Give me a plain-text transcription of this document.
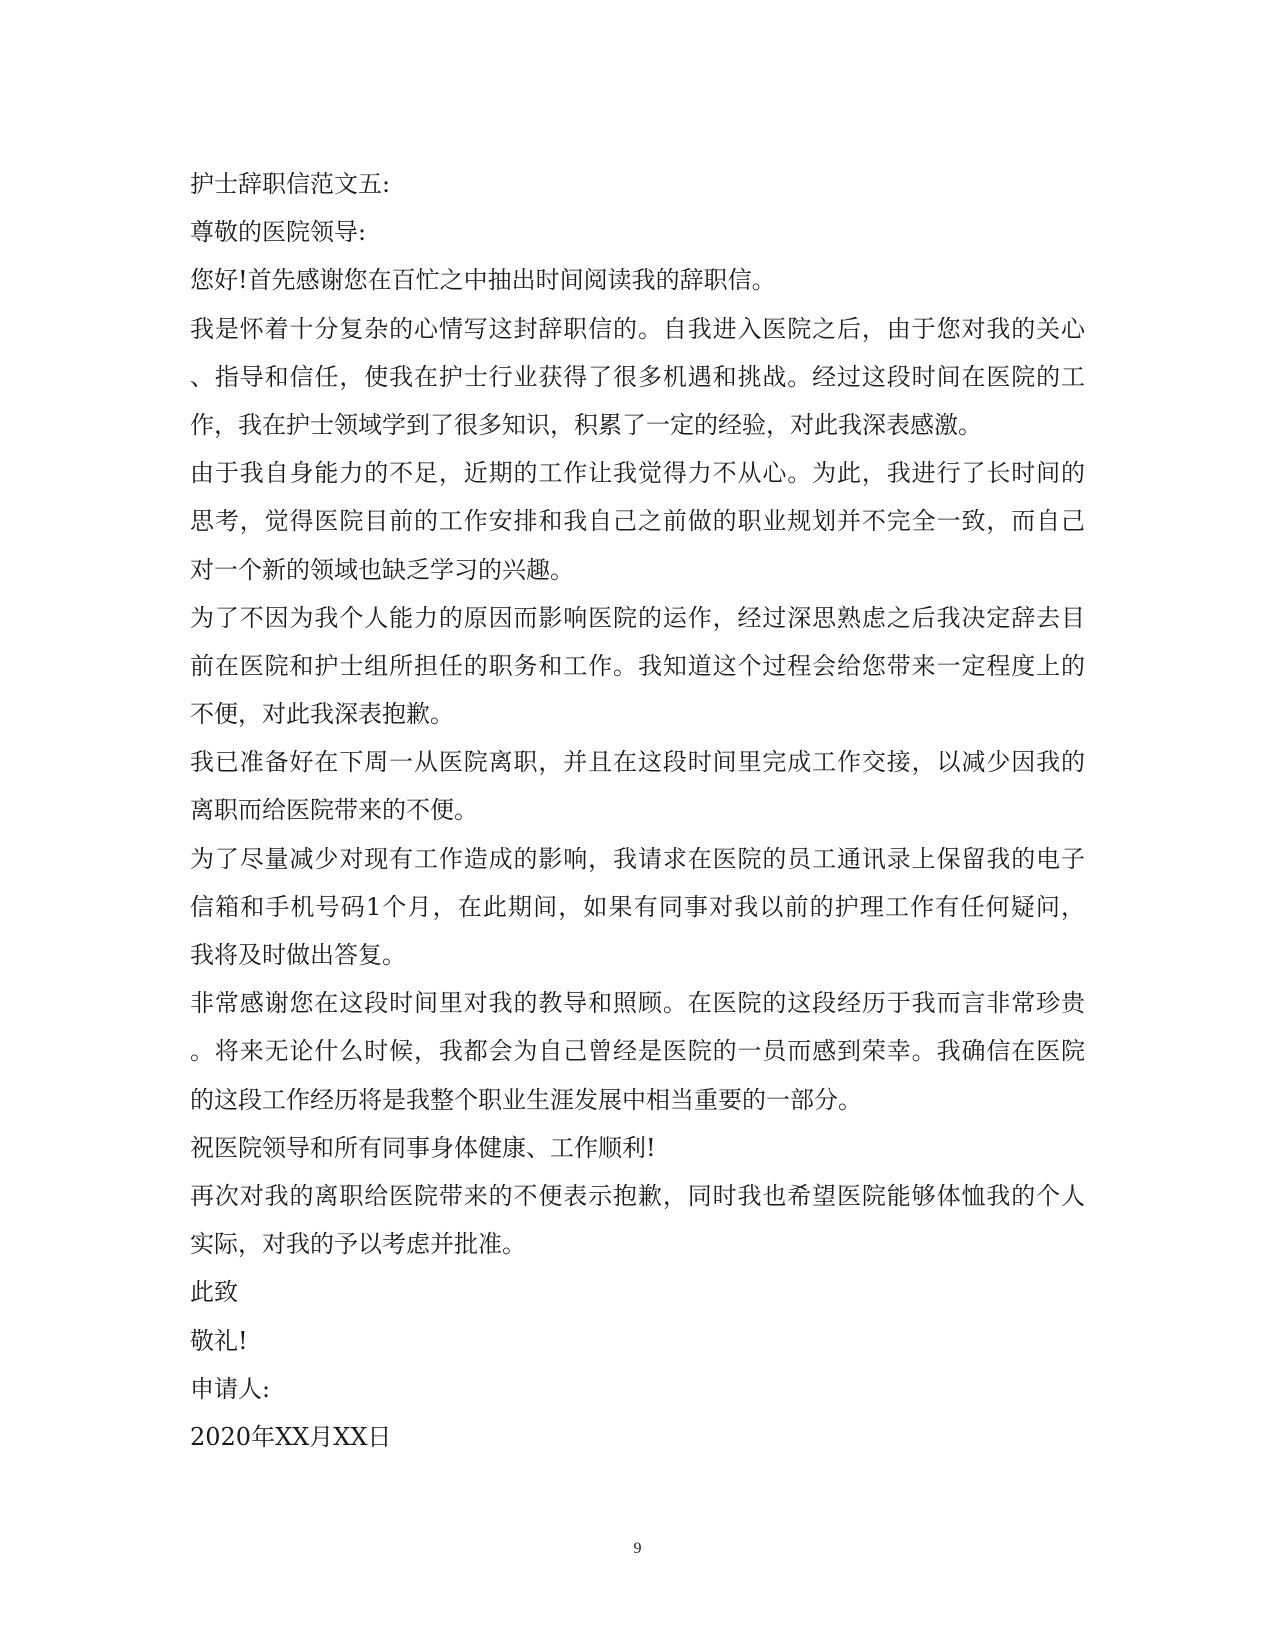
护士辞职信范文五:
尊敬的医院领导:
您好!首先感谢您在百忙之中抽出时间阅读我的辞职信。
我是怀着十分复杂的心情写这封辞职信的。自我进入医院之后，由于您对我的关心
、指导和信任，使我在护士行业获得了很多机遇和挑战。经过这段时间在医院的工
作，我在护士领域学到了很多知识，积累了一定的经验，对此我深表感激。
由于我自身能力的不足，近期的工作让我觉得力不从心。为此，我进行了长时间的
思考，觉得医院目前的工作安排和我自己之前做的职业规划并不完全一致，而自己
对一个新的领域也缺乏学习的兴趣。
为了不因为我个人能力的原因而影响医院的运作，经过深思熟虑之后我决定辞去目
前在医院和护士组所担任的职务和工作。我知道这个过程会给您带来一定程度上的
不便，对此我深表抱歉。
我已准备好在下周一从医院离职，并且在这段时间里完成工作交接，以减少因我的
离职而给医院带来的不便。
为了尽量减少对现有工作造成的影响，我请求在医院的员工通讯录上保留我的电子
信箱和手机号码1个月，在此期间，如果有同事对我以前的护理工作有任何疑问，
我将及时做出答复。
非常感谢您在这段时间里对我的教导和照顾。在医院的这段经历于我而言非常珍贵
。将来无论什么时候，我都会为自己曾经是医院的一员而感到荣幸。我确信在医院
的这段工作经历将是我整个职业生涯发展中相当重要的一部分。
祝医院领导和所有同事身体健康、工作顺利!
再次对我的离职给医院带来的不便表示抱歉，同时我也希望医院能够体恤我的个人
实际，对我的予以考虑并批准。
此致
敬礼!
申请人:
2020年XX月XX日
9
